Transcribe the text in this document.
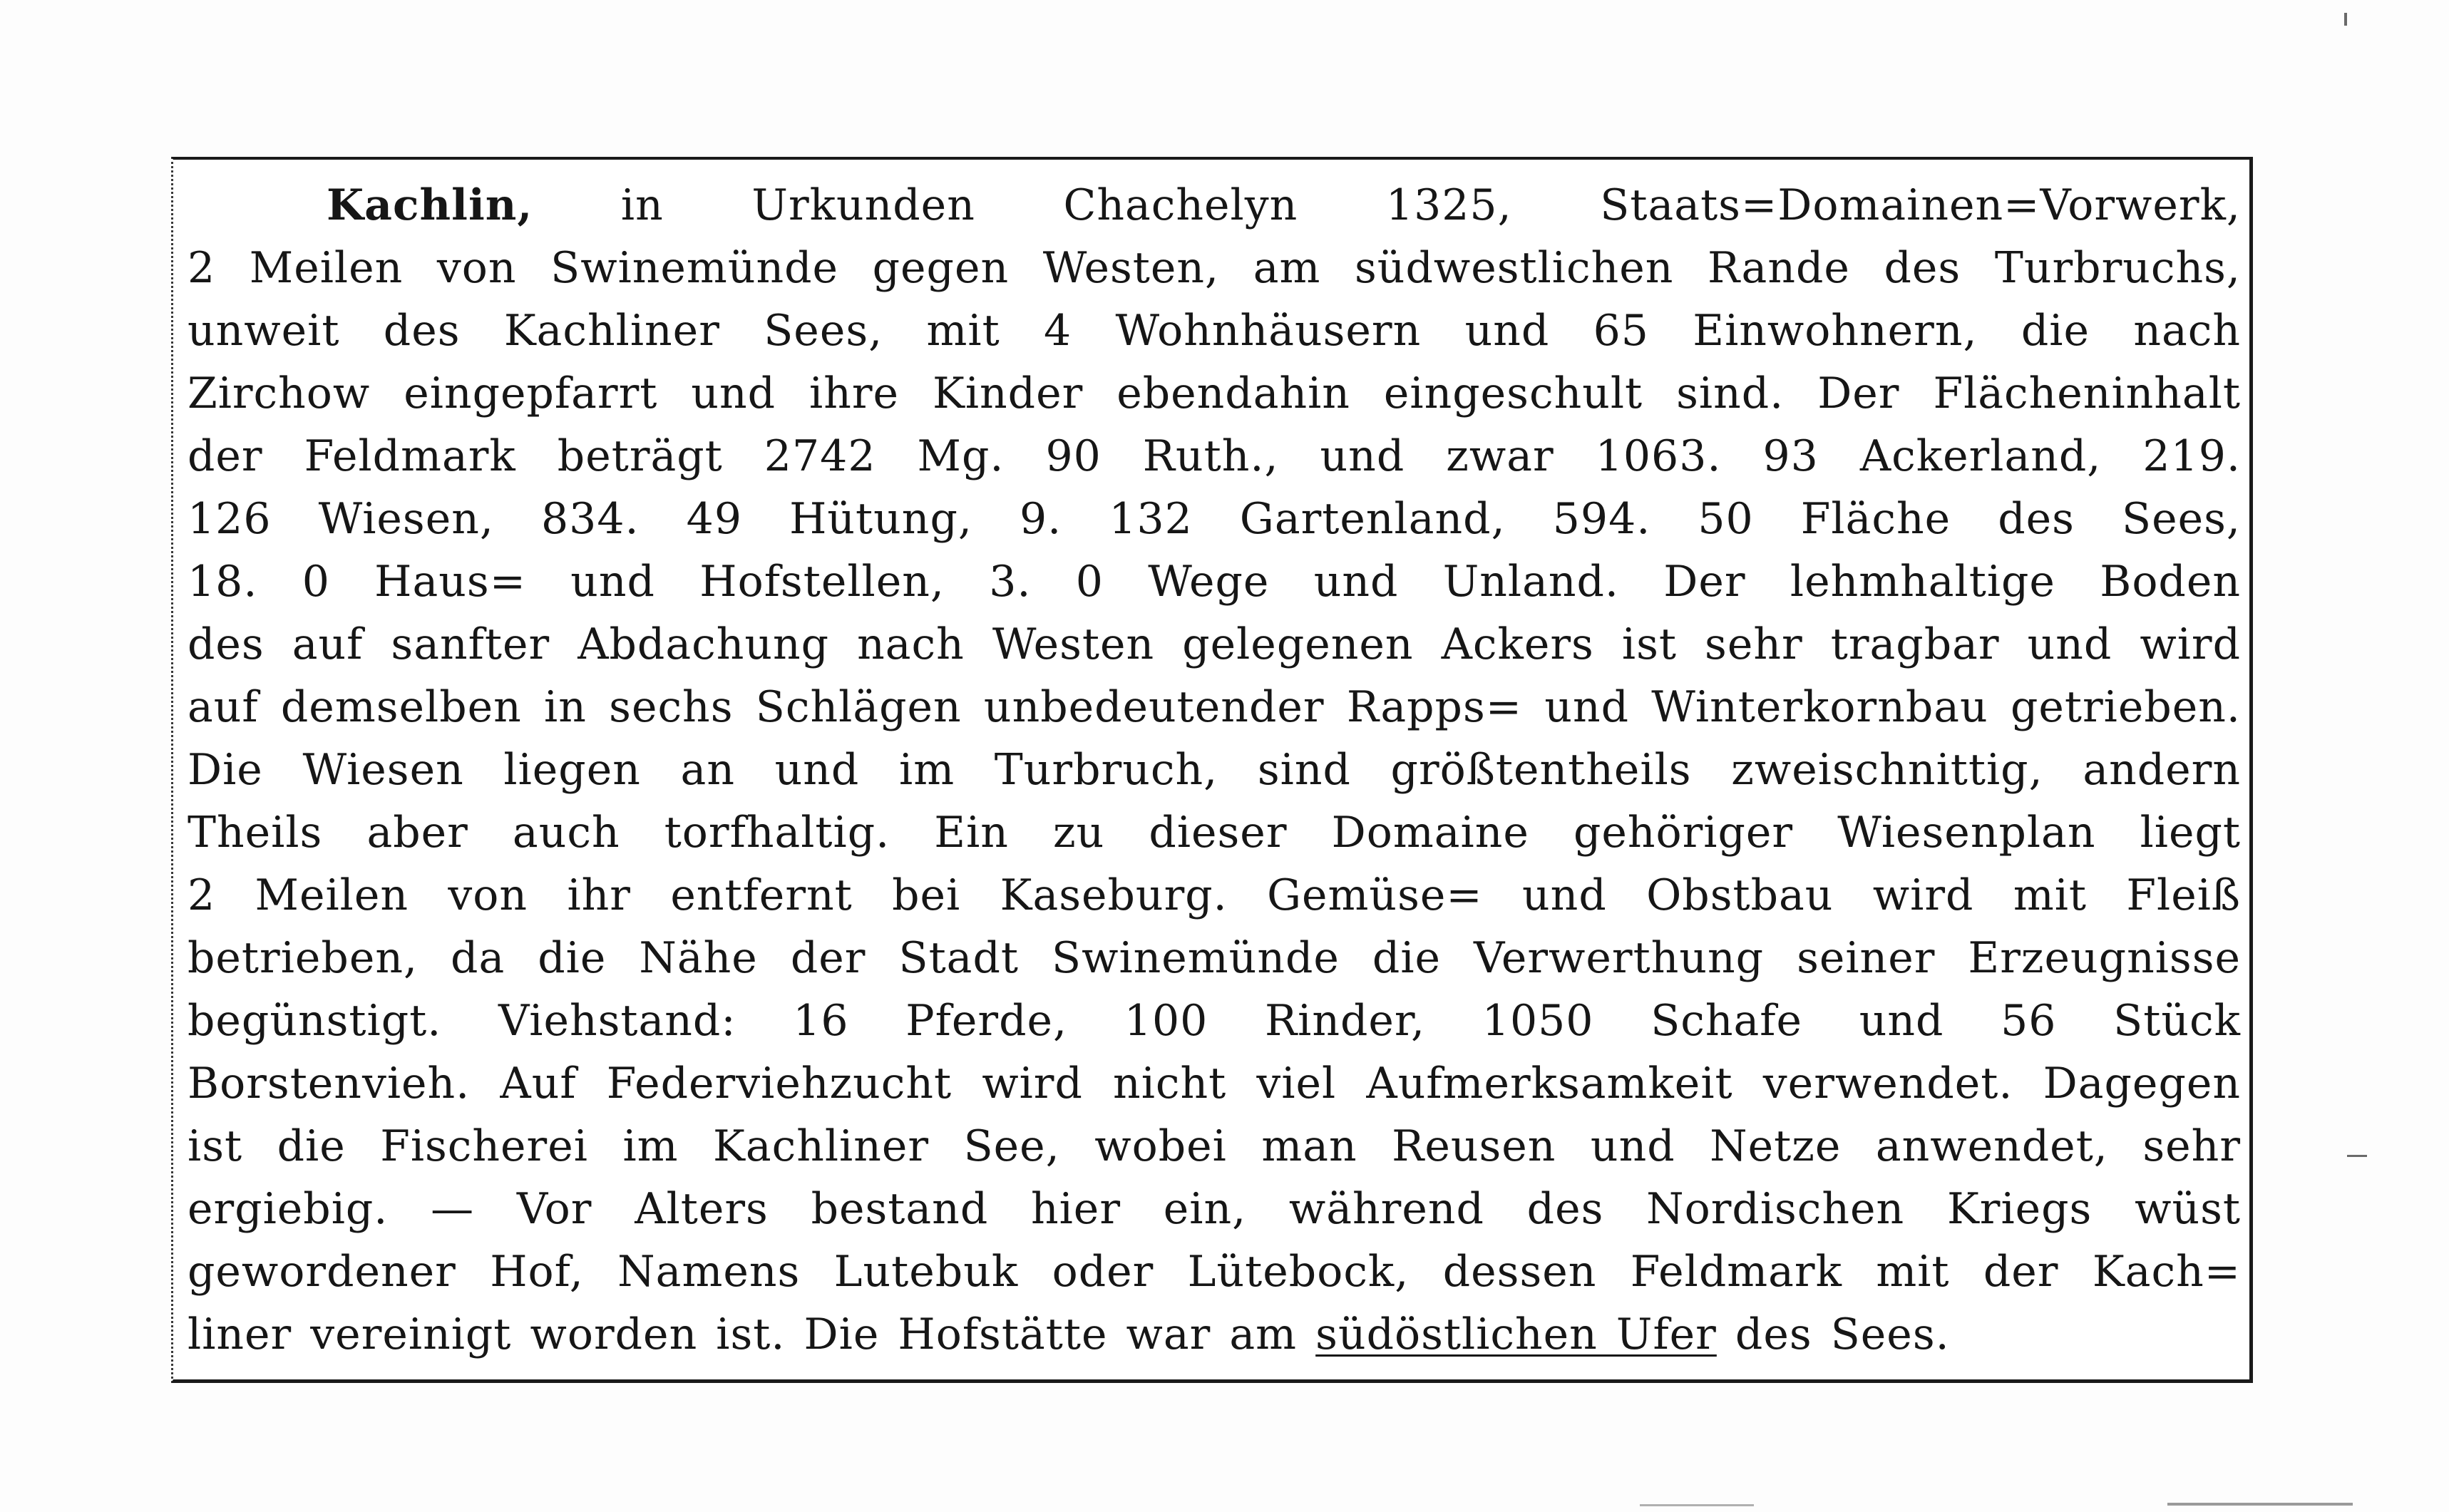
Kachlin, in Urkunden Chachelyn 1325, Staats=Domainen=Vorwerk,
2 Meilen von Swinemünde gegen Westen, am südwestlichen Rande des Turbruchs,
unweit des Kachliner Sees, mit 4 Wohnhäusern und 65 Einwohnern, die nach
Zirchow eingepfarrt und ihre Kinder ebendahin eingeschult sind. Der Flächeninhalt
der Feldmark beträgt 2742 Mg. 90 Ruth., und zwar 1063. 93 Ackerland, 219.
126 Wiesen, 834. 49 Hütung, 9. 132 Gartenland, 594. 50 Fläche des Sees,
18. 0 Haus= und Hofstellen, 3. 0 Wege und Unland. Der lehmhaltige Boden
des auf sanfter Abdachung nach Westen gelegenen Ackers ist sehr tragbar und wird
auf demselben in sechs Schlägen unbedeutender Rapps= und Winterkornbau getrieben.
Die Wiesen liegen an und im Turbruch, sind größtentheils zweischnittig, andern
Theils aber auch torfhaltig. Ein zu dieser Domaine gehöriger Wiesenplan liegt
2 Meilen von ihr entfernt bei Kaseburg. Gemüse= und Obstbau wird mit Fleiß
betrieben, da die Nähe der Stadt Swinemünde die Verwerthung seiner Erzeugnisse
begünstigt. Viehstand: 16 Pferde, 100 Rinder, 1050 Schafe und 56 Stück
Borstenvieh. Auf Federviehzucht wird nicht viel Aufmerksamkeit verwendet. Dagegen
ist die Fischerei im Kachliner See, wobei man Reusen und Netze anwendet, sehr
ergiebig. — Vor Alters bestand hier ein, während des Nordischen Kriegs wüst
gewordener Hof, Namens Lutebuk oder Lütebock, dessen Feldmark mit der Kach=
liner vereinigt worden ist. Die Hofstätte war am südöstlichen Ufer des Sees.
